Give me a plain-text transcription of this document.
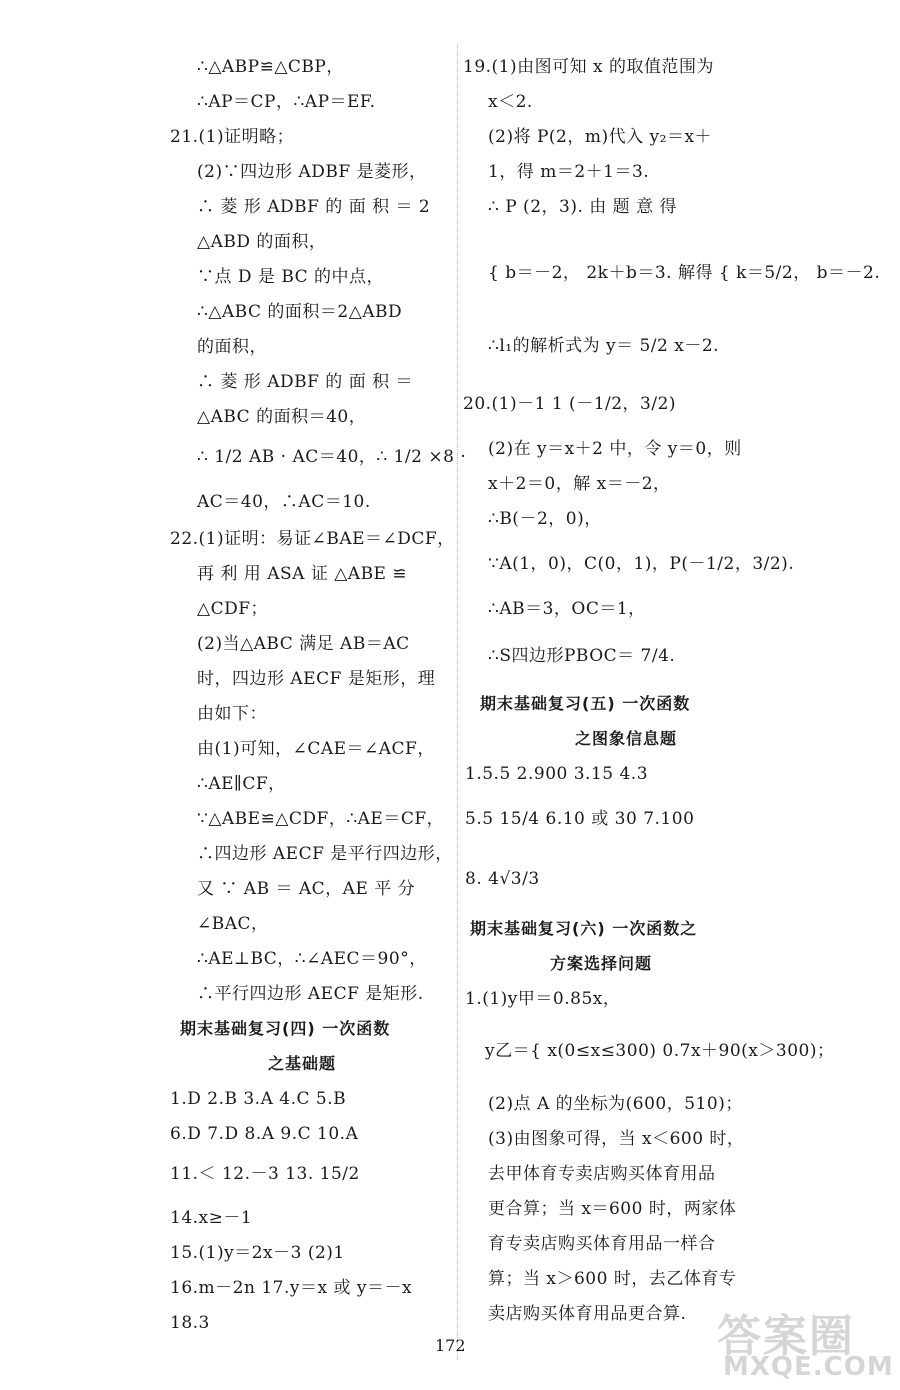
∴△ABP≌△CBP，
∴AP＝CP，∴AP＝EF.
21.(1)证明略；
(2)∵四边形 ADBF 是菱形，
∴ 菱 形 ADBF 的 面 积 ＝ 2
△ABD 的面积，
∵点 D 是 BC 的中点，
∴△ABC 的面积＝2△ABD
的面积，
∴ 菱 形 ADBF 的 面 积 ＝
△ABC 的面积＝40，
∴ 1/2 AB · AC＝40，∴ 1/2 ×8 ·
AC＝40，∴AC＝10.
22.(1)证明：易证∠BAE＝∠DCF，
再 利 用 ASA 证 △ABE ≌
△CDF；
(2)当△ABC 满足 AB＝AC
时，四边形 AECF 是矩形，理
由如下：
由(1)可知，∠CAE＝∠ACF，
∴AE∥CF，
∵△ABE≌△CDF，∴AE＝CF，
∴四边形 AECF 是平行四边形，
又 ∵ AB ＝ AC，AE 平 分
∠BAC，
∴AE⊥BC，∴∠AEC＝90°，
∴平行四边形 AECF 是矩形.
期末基础复习(四) 一次函数
之基础题
1.D 2.B 3.A 4.C 5.B
6.D 7.D 8.A 9.C 10.A
11.＜ 12.－3 13. 15/2
14.x≥－1
15.(1)y＝2x－3 (2)1
16.m－2n 17.y＝x 或 y＝－x
18.3
19.(1)由图可知 x 的取值范围为
x＜2.
(2)将 P(2，m)代入 y₂＝x＋
1，得 m＝2＋1＝3.
∴ P (2，3). 由 题 意 得
{ b＝－2， 2k＋b＝3. 解得 { k＝5/2， b＝－2.
∴l₁的解析式为 y＝ 5/2 x－2.
20.(1)－1 1 (－1/2，3/2)
(2)在 y＝x＋2 中，令 y＝0，则
x＋2＝0，解 x＝－2，
∴B(－2，0)，
∵A(1，0)，C(0，1)，P(－1/2，3/2).
∴AB＝3，OC＝1，
∴S四边形PBOC＝ 7/4.
期末基础复习(五) 一次函数
之图象信息题
1.5.5 2.900 3.15 4.3
5.5 15/4 6.10 或 30 7.100
8. 4√3/3
期末基础复习(六) 一次函数之
方案选择问题
1.(1)y甲＝0.85x，
y乙＝{ x(0≤x≤300) 0.7x＋90(x＞300)；
(2)点 A 的坐标为(600，510)；
(3)由图象可得，当 x＜600 时，
去甲体育专卖店购买体育用品
更合算；当 x＝600 时，两家体
育专卖店购买体育用品一样合
算；当 x＞600 时，去乙体育专
卖店购买体育用品更合算.
172	答案圈
MXQE.COM
